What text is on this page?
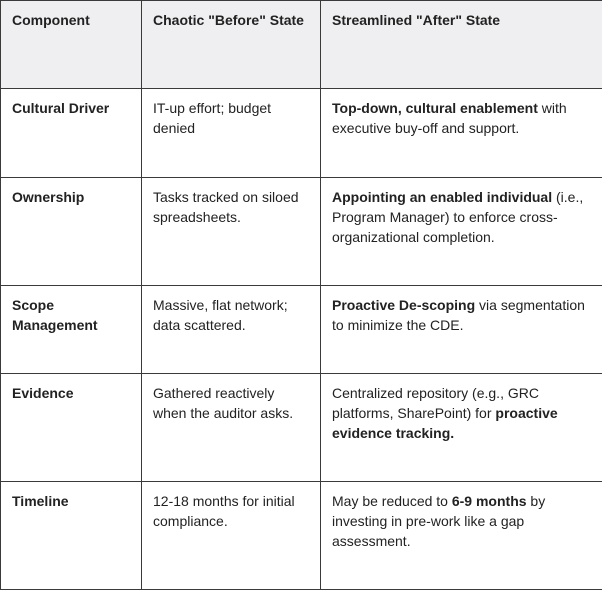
Component	Chaotic "Before" State	Streamlined "After" State
Cultural Driver	IT-up effort; budget denied	Top-down, cultural enablement with executive buy-off and support.
Ownership	Tasks tracked on siloed spreadsheets.	Appointing an enabled individual (i.e., Program Manager) to enforce cross-organizational completion.
Scope Management	Massive, flat network; data scattered.	Proactive De-scoping via segmentation to minimize the CDE.
Evidence	Gathered reactively when the auditor asks.	Centralized repository (e.g., GRC platforms, SharePoint) for proactive evidence tracking.
Timeline	12-18 months for initial compliance.	May be reduced to 6-9 months by investing in pre-work like a gap assessment.
